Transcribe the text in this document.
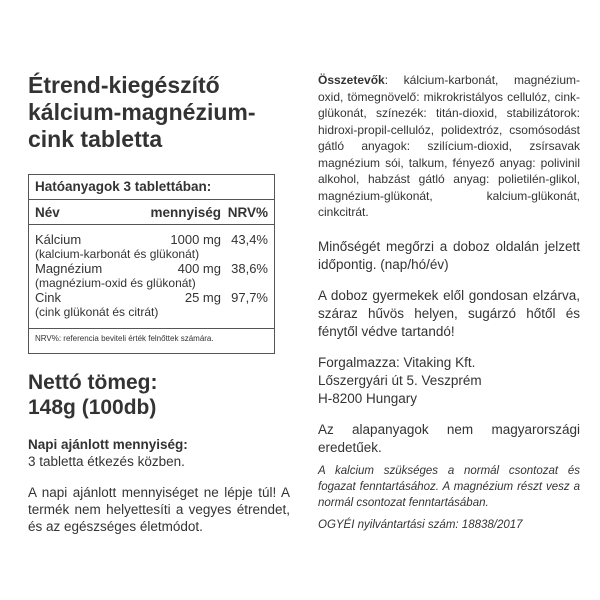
Étrend-kiegészítő
kálcium-magnézium-
cink tabletta
Hatóanyagok 3 tablettában:
Név	mennyiség NRV%
Kálcium	1000 mg 43,4%
(kalcium-karbonát és glükonát)
Magnézium	400 mg 38,6%
(magnézium-oxid és glükonát)
Cink	25 mg 97,7%
(cink glükonát és citrát)
NRV%: referencia beviteli érték felnőttek számára.
Nettó tömeg:
148g (100db)
Napi ajánlott mennyiség:
3 tabletta étkezés közben.
A napi ajánlott mennyiséget ne lépje túl! A termék nem helyettesíti a vegyes étrendet, és az egészséges életmódot.
Összetevők: kálcium-karbonát, magnézium-oxid, tömegnövelő: mikrokristályos cellulóz, cink-glükonát, színezék: titán-dioxid, stabilizátorok: hidroxi-propil-cellulóz, polidextróz, csomósodást gátló anyagok: szilícium-dioxid, zsírsavak magnézium sói, talkum, fényező anyag: polivinil alkohol, habzást gátló anyag: polietilén-glikol, magnézium-glükonát, kalcium-glükonát, cinkcitrát.
Minőségét megőrzi a doboz oldalán jelzett időpontig. (nap/hó/év)
A doboz gyermekek elől gondosan elzárva, száraz hűvös helyen, sugárzó hőtől és fénytől védve tartandó!
Forgalmazza: Vitaking Kft.
Lőszergyári út 5. Veszprém
H-8200 Hungary
Az alapanyagok nem magyarországi eredetűek.
A kalcium szükséges a normál csontozat és fogazat fenntartásához. A magnézium részt vesz a normál csontozat fenntartásában.
OGYÉI nyilvántartási szám: 18838/2017
